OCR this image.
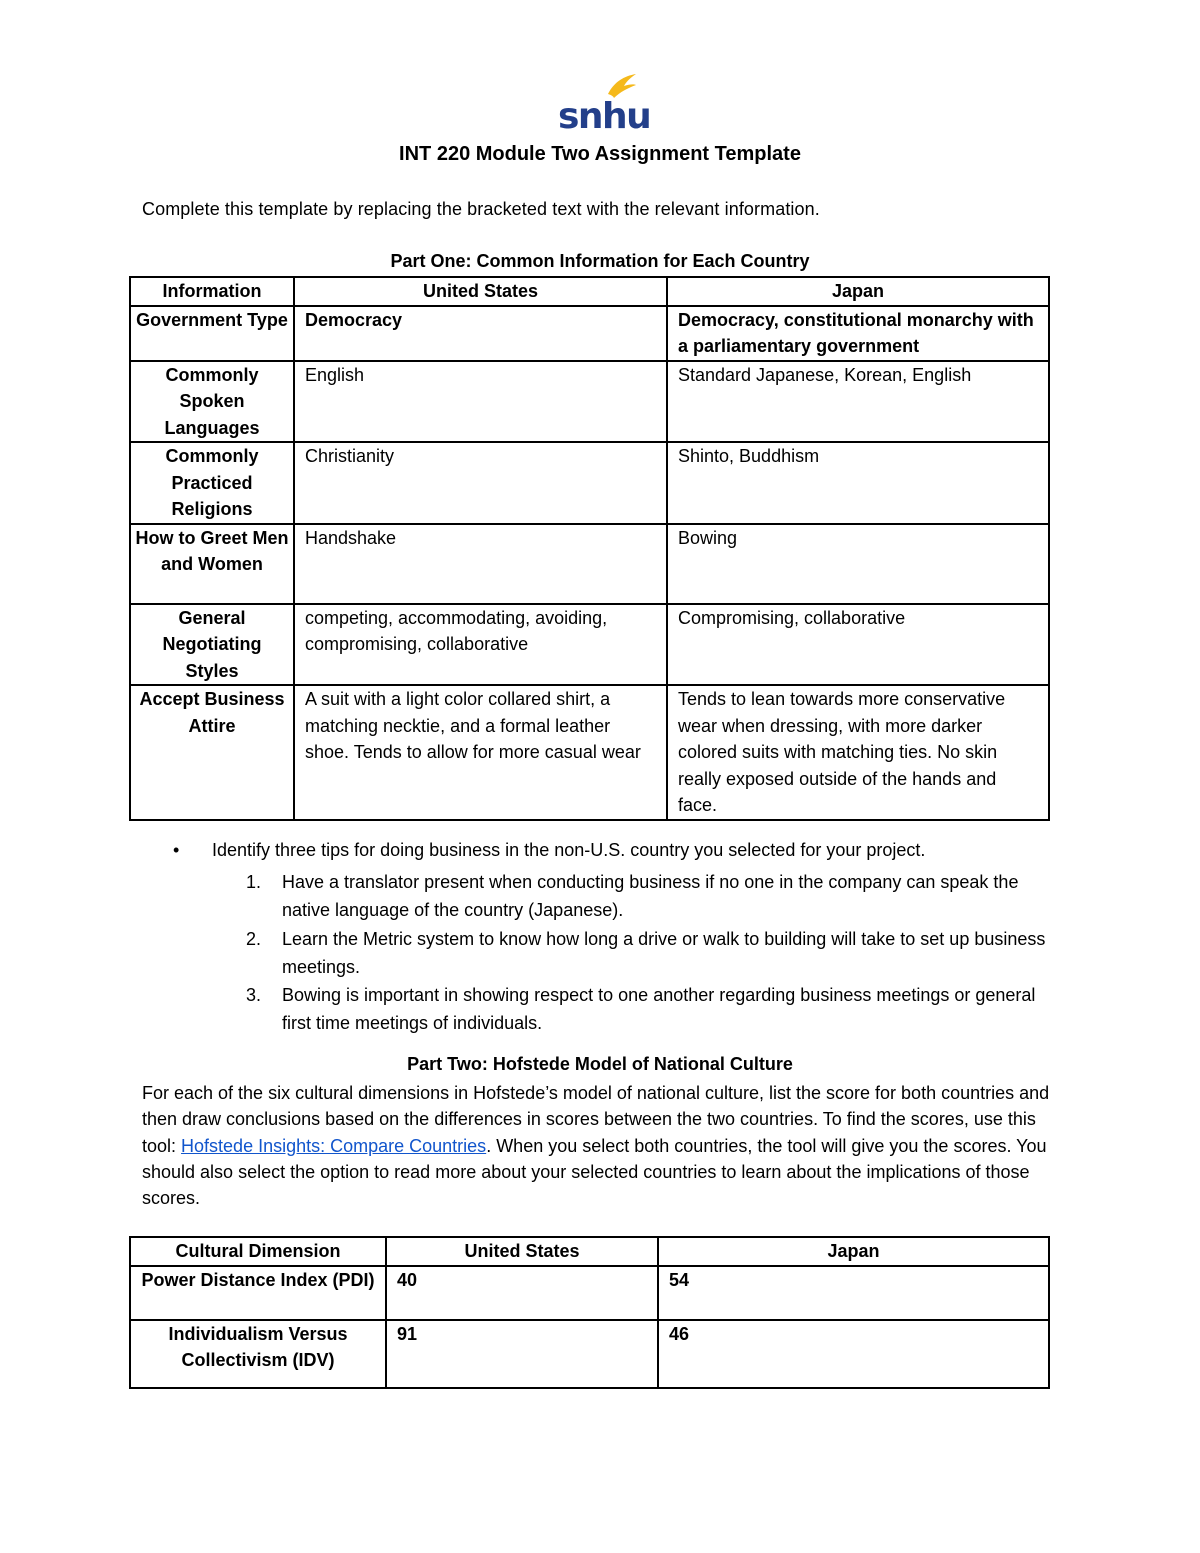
snhu
INT 220 Module Two Assignment Template
Complete this template by replacing the bracketed text with the relevant information.
Part One: Common Information for Each Country
Information	United States	Japan
Government Type	Democracy	Democracy, constitutional monarchy with a parliamentary government
Commonly Spoken Languages	English	Standard Japanese, Korean, English
Commonly Practiced Religions	Christianity	Shinto, Buddhism
How to Greet Men and Women	Handshake	Bowing
General Negotiating Styles	competing, accommodating, avoiding, compromising, collaborative	Compromising, collaborative
Accept Business Attire	A suit with a light color collared shirt, a matching necktie, and a formal leather shoe. Tends to allow for more casual wear	Tends to lean towards more conservative wear when dressing, with more darker colored suits with matching ties. No skin really exposed outside of the hands and face.
• Identify three tips for doing business in the non-U.S. country you selected for your project.
1. Have a translator present when conducting business if no one in the company can speak the native language of the country (Japanese).
2. Learn the Metric system to know how long a drive or walk to building will take to set up business meetings.
3. Bowing is important in showing respect to one another regarding business meetings or general first time meetings of individuals.
Part Two: Hofstede Model of National Culture
For each of the six cultural dimensions in Hofstede’s model of national culture, list the score for both countries and then draw conclusions based on the differences in scores between the two countries. To find the scores, use this tool: Hofstede Insights: Compare Countries. When you select both countries, the tool will give you the scores. You should also select the option to read more about your selected countries to learn about the implications of those scores.
Cultural Dimension	United States	Japan
Power Distance Index (PDI)	40	54
Individualism Versus Collectivism (IDV)	91	46
